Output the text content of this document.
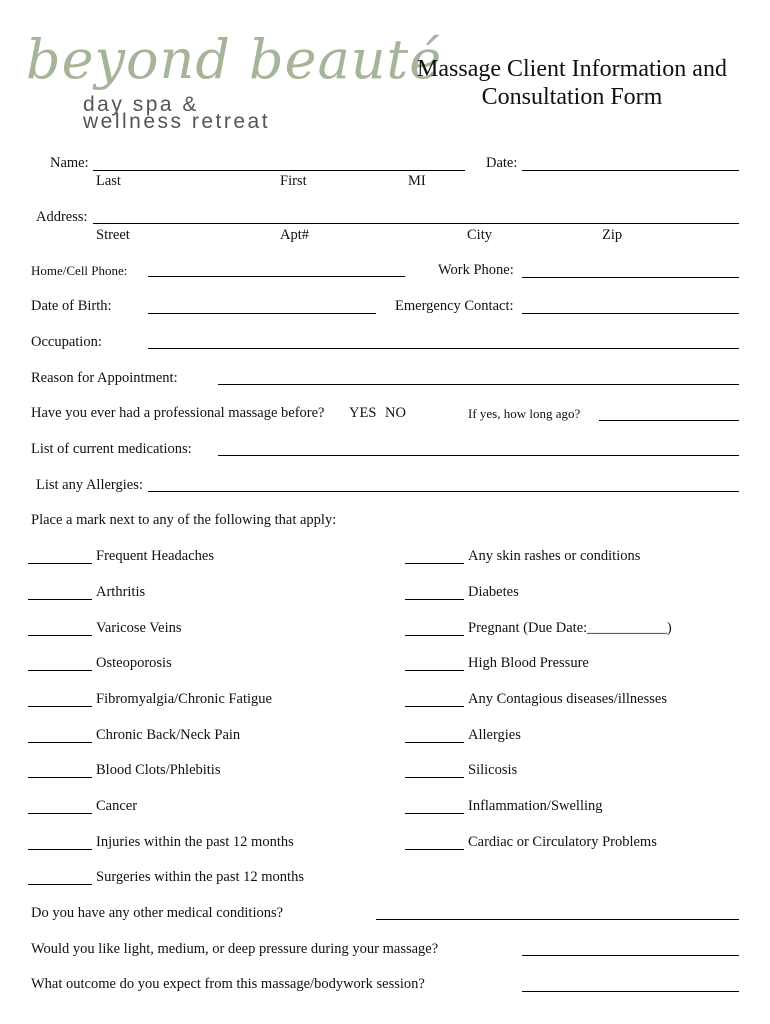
beyond beauté
day spa &
wellness retreat
Massage Client Information and
Consultation Form
Name:
Last	First	MI
Date:
Address:
Street	Apt#	City	Zip
Home/Cell Phone:	Work Phone:
Date of Birth:	Emergency Contact:
Occupation:
Reason for Appointment:
Have you ever had a professional massage before? YES NO	If yes, how long ago?
List of current medications:
List any Allergies:
Place a mark next to any of the following that apply:
Frequent Headaches
Arthritis
Varicose Veins
Osteoporosis
Fibromyalgia/Chronic Fatigue
Chronic Back/Neck Pain
Blood Clots/Phlebitis
Cancer
Injuries within the past 12 months
Surgeries within the past 12 months
Any skin rashes or conditions
Diabetes
Pregnant (Due Date:___________)
High Blood Pressure
Any Contagious diseases/illnesses
Allergies
Silicosis
Inflammation/Swelling
Cardiac or Circulatory Problems
Do you have any other medical conditions?
Would you like light, medium, or deep pressure during your massage?
What outcome do you expect from this massage/bodywork session?
